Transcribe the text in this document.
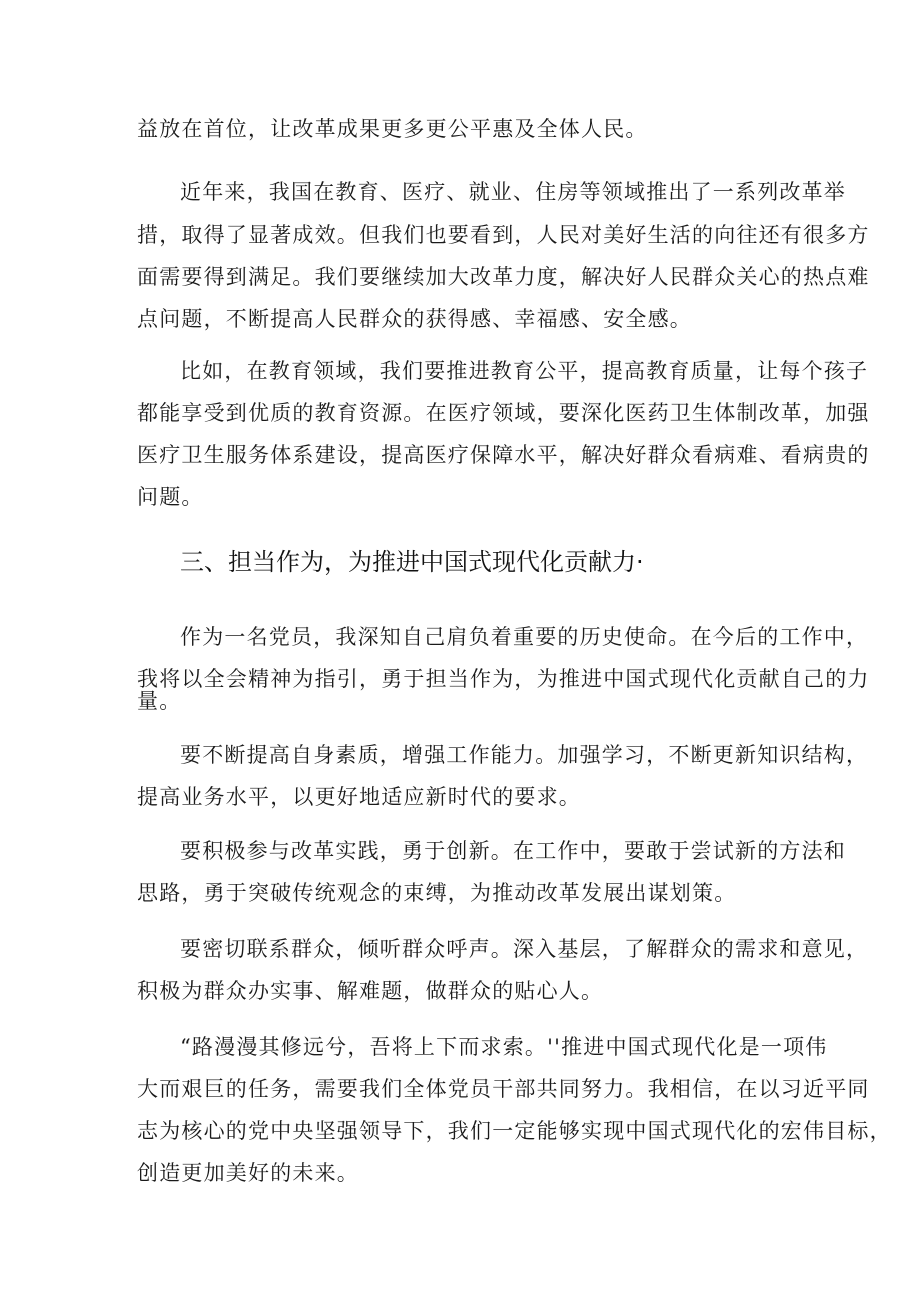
益放在首位，让改革成果更多更公平惠及全体人民。
近年来，我国在教育、医疗、就业、住房等领域推出了一系列改革举
措，取得了显著成效。但我们也要看到，人民对美好生活的向往还有很多方
面需要得到满足。我们要继续加大改革力度，解决好人民群众关心的热点难
点问题，不断提高人民群众的获得感、幸福感、安全感。
比如，在教育领域，我们要推进教育公平，提高教育质量，让每个孩子
都能享受到优质的教育资源。在医疗领域，要深化医药卫生体制改革，加强
医疗卫生服务体系建设，提高医疗保障水平，解决好群众看病难、看病贵的
问题。
三、担当作为，为推进中国式现代化贡献力·
作为一名党员，我深知自己肩负着重要的历史使命。在今后的工作中，
我将以全会精神为指引，勇于担当作为，为推进中国式现代化贡献自己的力
量。
要不断提高自身素质，增强工作能力。加强学习，不断更新知识结构，
提高业务水平，以更好地适应新时代的要求。
要积极参与改革实践，勇于创新。在工作中，要敢于尝试新的方法和
思路，勇于突破传统观念的束缚，为推动改革发展出谋划策。
要密切联系群众，倾听群众呼声。深入基层，了解群众的需求和意见，
积极为群众办实事、解难题，做群众的贴心人。
“路漫漫其修远兮，吾将上下而求索。''推进中国式现代化是一项伟
大而艰巨的任务，需要我们全体党员干部共同努力。我相信，在以习近平同
志为核心的党中央坚强领导下，我们一定能够实现中国式现代化的宏伟目标，
创造更加美好的未来。
